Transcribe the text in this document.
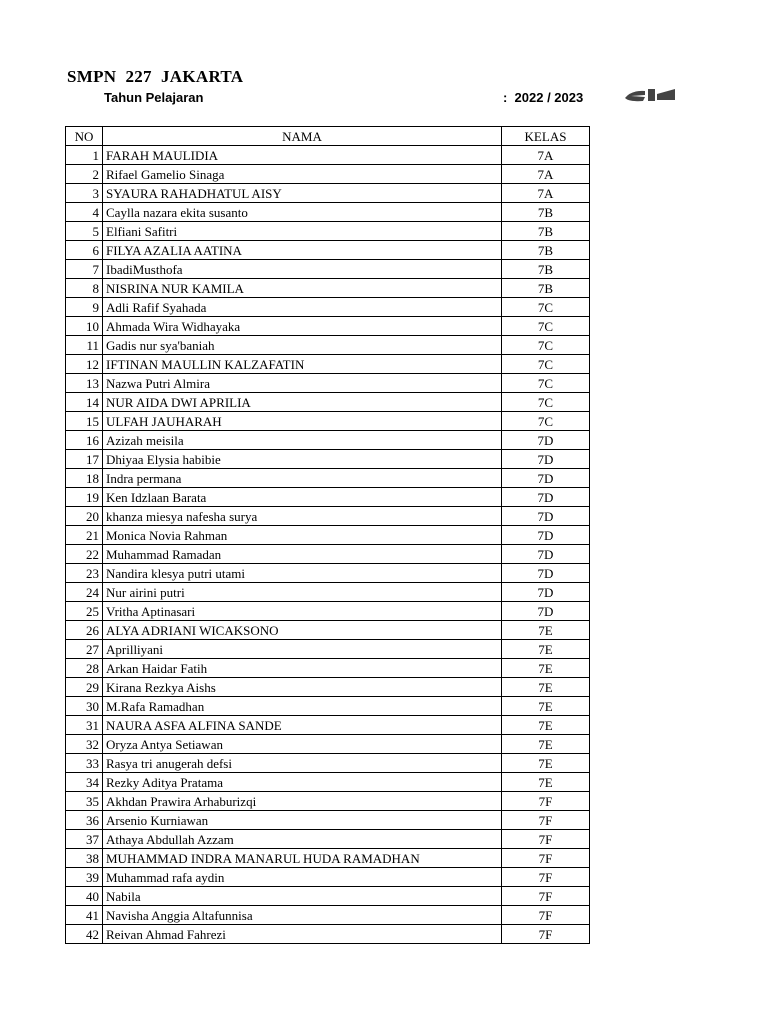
SMPN  227  JAKARTA
Tahun Pelajaran	:  2022 / 2023
NO	NAMA	KELAS
1	FARAH MAULIDIA	7A
2	Rifael Gamelio Sinaga	7A
3	SYAURA RAHADHATUL AISY	7A
4	Caylla nazara ekita susanto	7B
5	Elfiani Safitri	7B
6	FILYA AZALIA AATINA	7B
7	IbadiMusthofa	7B
8	NISRINA NUR KAMILA	7B
9	Adli Rafif Syahada	7C
10	Ahmada Wira Widhayaka	7C
11	Gadis nur sya'baniah	7C
12	IFTINAN MAULLIN KALZAFATIN	7C
13	Nazwa Putri Almira	7C
14	NUR AIDA DWI APRILIA	7C
15	ULFAH JAUHARAH	7C
16	Azizah meisila	7D
17	Dhiyaa Elysia habibie	7D
18	Indra permana	7D
19	Ken Idzlaan Barata	7D
20	khanza miesya nafesha surya	7D
21	Monica Novia Rahman	7D
22	Muhammad Ramadan	7D
23	Nandira klesya putri utami	7D
24	Nur airini putri	7D
25	Vritha Aptinasari	7D
26	ALYA ADRIANI WICAKSONO	7E
27	Aprilliyani	7E
28	Arkan Haidar Fatih	7E
29	Kirana Rezkya Aishs	7E
30	M.Rafa Ramadhan	7E
31	NAURA ASFA ALFINA SANDE	7E
32	Oryza Antya Setiawan	7E
33	Rasya tri anugerah defsi	7E
34	Rezky Aditya Pratama	7E
35	Akhdan Prawira Arhaburizqi	7F
36	Arsenio Kurniawan	7F
37	Athaya Abdullah Azzam	7F
38	MUHAMMAD INDRA MANARUL HUDA RAMADHAN	7F
39	Muhammad rafa aydin	7F
40	Nabila	7F
41	Navisha Anggia Altafunnisa	7F
42	Reivan Ahmad Fahrezi	7F
